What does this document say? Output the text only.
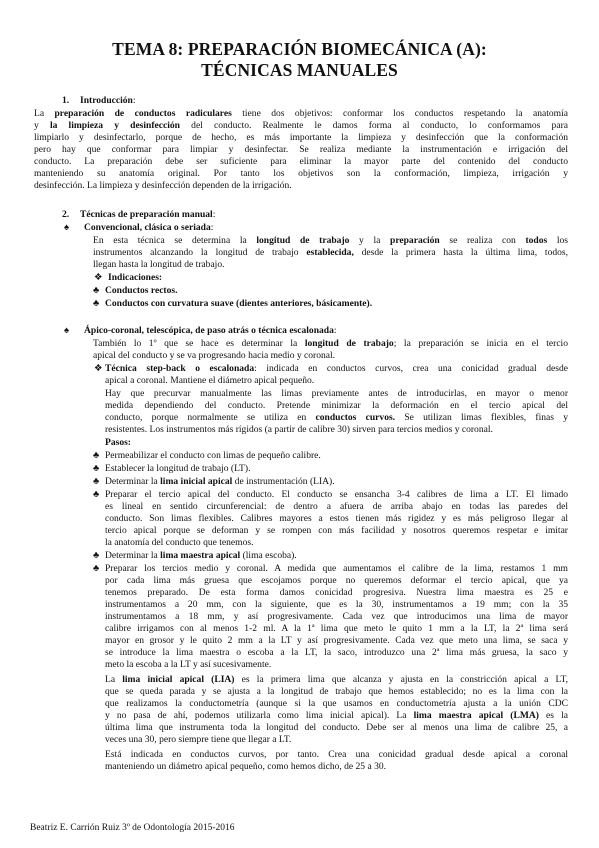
TEMA 8: PREPARACIÓN BIOMECÁNICA (A):
TÉCNICAS MANUALES
1. Introducción:
La preparación de conductos radiculares tiene dos objetivos: conformar los conductos respetando la anatomía
y la limpieza y desinfección del conducto. Realmente le damos forma al conducto, lo conformamos para
limpiarlo y desinfectarlo, porque de hecho, es más importante la limpieza y desinfección que la conformación
pero hay que conformar para limpiar y desinfectar. Se realiza mediante la instrumentación e irrigación del
conducto. La preparación debe ser suficiente para eliminar la mayor parte del contenido del conducto
manteniendo su anatomía original. Por tanto los objetivos son la conformación, limpieza, irrigación y
desinfección. La limpieza y desinfección dependen de la irrigación.
2. Técnicas de preparación manual:
♠ Convencional, clásica o seriada:
En esta técnica se determina la longitud de trabajo y la preparación se realiza con todos los
instrumentos alcanzando la longitud de trabajo establecida, desde la primera hasta la última lima, todos,
llegan hasta la longitud de trabajo.
❖ Indicaciones:
♣ Conductos rectos.
♣ Conductos con curvatura suave (dientes anteriores, básicamente).
♠ Ápico-coronal, telescópica, de paso atrás o técnica escalonada:
También lo 1º que se hace es determinar la longitud de trabajo; la preparación se inicia en el tercio
apical del conducto y se va progresando hacia medio y coronal.
❖ Técnica step-back o escalonada: indicada en conductos curvos, crea una conicidad gradual desde
apical a coronal. Mantiene el diámetro apical pequeño.
Hay que precurvar manualmente las limas previamente antes de introducirlas, en mayor o menor
medida dependiendo del conducto. Pretende minimizar la deformación en el tercio apical del
conducto, porque normalmente se utiliza en conductos curvos. Se utilizan limas flexibles, finas y
resistentes. Los instrumentos más rígidos (a partir de calibre 30) sirven para tercios medios y coronal.
Pasos:
♣ Permeabilizar el conducto con limas de pequeño calibre.
♣ Establecer la longitud de trabajo (LT).
♣ Determinar la lima inicial apical de instrumentación (LIA).
♣ Preparar el tercio apical del conducto. El conducto se ensancha 3-4 calibres de lima a LT. El limado
es lineal en sentido circunferencial: de dentro a afuera de arriba abajo en todas las paredes del
conducto. Son limas flexibles. Calibres mayores a estos tienen más rigidez y es más peligroso llegar al
tercio apical porque se deforman y se rompen con más facilidad y nosotros queremos respetar e imitar
la anatomía del conducto que tenemos.
♣ Determinar la lima maestra apical (lima escoba).
♣ Preparar los tercios medio y coronal. A medida que aumentamos el calibre de la lima, restamos 1 mm
por cada lima más gruesa que escojamos porque no queremos deformar el tercio apical, que ya
tenemos preparado. De esta forma damos conicidad progresiva. Nuestra lima maestra es 25 e
instrumentamos a 20 mm, con la siguiente, que es la 30, instrumentamos a 19 mm; con la 35
instrumentamos a 18 mm, y así progresivamente. Cada vez que introducimos una lima de mayor
calibre irrigamos con al menos 1-2 ml. A la 1ª lima que meto le quito 1 mm a la LT, la 2ª lima será
mayor en grosor y le quito 2 mm a la LT y así progresivamente. Cada vez que meto una lima, se saca y
se introduce la lima maestra o escoba a la LT, la saco, introduzco una 2ª lima más gruesa, la saco y
meto la escoba a la LT y así sucesivamente.
La lima inicial apical (LIA) es la primera lima que alcanza y ajusta en la constricción apical a LT,
que se queda parada y se ajusta a la longitud de trabajo que hemos establecido; no es la lima con la
que realizamos la conductometría (aunque si la que usamos en conductometría ajusta a la unión CDC
y no pasa de ahí, podemos utilizarla como lima inicial apical). La lima maestra apical (LMA) es la
última lima que instrumenta toda la longitud del conducto. Debe ser al menos una lima de calibre 25, a
veces una 30, pero siempre tiene que llegar a LT.
Está indicada en conductos curvos, por tanto. Crea una conicidad gradual desde apical a coronal
manteniendo un diámetro apical pequeño, como hemos dicho, de 25 a 30.
Beatriz E. Carrión Ruiz 3º de Odontología 2015-2016
